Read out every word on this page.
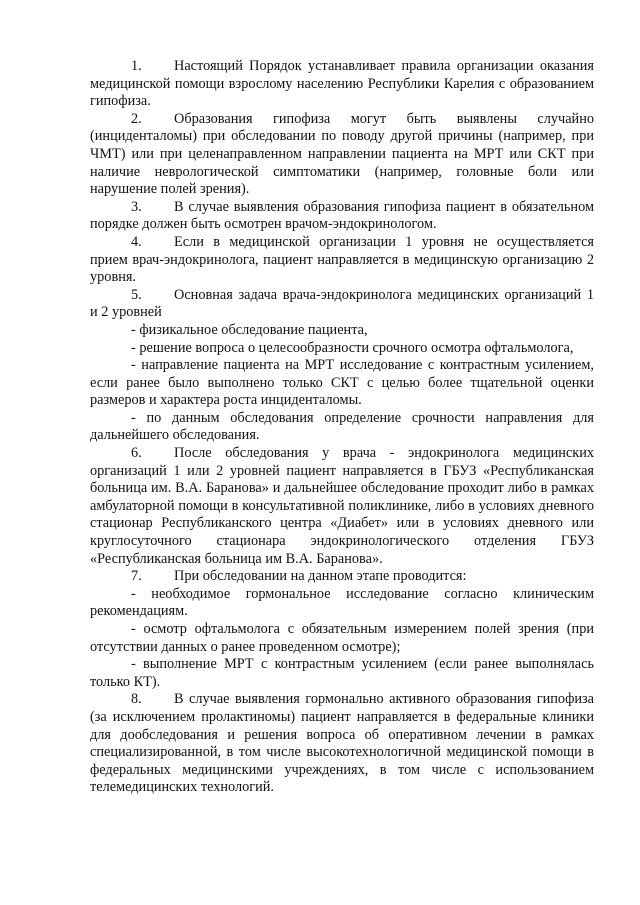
1. Настоящий Порядок устанавливает правила организации оказания медицинской помощи взрослому населению Республики Карелия с образованием гипофиза.

2. Образования гипофиза могут быть выявлены случайно (инциденталомы) при обследовании по поводу другой причины (например, при ЧМТ) или при целенаправленном направлении пациента на МРТ или СКТ при наличие неврологической симптоматики (например, головные боли или нарушение полей зрения).

3. В случае выявления образования гипофиза пациент в обязательном порядке должен быть осмотрен врачом-эндокринологом.

4. Если в медицинской организации 1 уровня не осуществляется прием врач-эндокринолога, пациент направляется в медицинскую организацию 2 уровня.

5. Основная задача врача-эндокринолога медицинских организаций 1 и 2 уровней

- физикальное обследование пациента,

- решение вопроса о целесообразности срочного осмотра офтальмолога,

- направление пациента на МРТ исследование с контрастным усилением, если ранее было выполнено только СКТ с целью более тщательной оценки размеров и характера роста инциденталомы.

- по данным обследования определение срочности направления для дальнейшего обследования.

6. После обследования у врача - эндокринолога медицинских организаций 1 или 2 уровней пациент направляется в ГБУЗ «Республиканская больница им. В.А. Баранова» и дальнейшее обследование проходит либо в рамках амбулаторной помощи в консультативной поликлинике, либо в условиях дневного стационар Республиканского центра «Диабет» или в условиях дневного или круглосуточного стационара эндокринологического отделения ГБУЗ «Республиканская больница им В.А. Баранова».

7. При обследовании на данном этапе проводится:

- необходимое гормональное исследование согласно клиническим рекомендациям.

- осмотр офтальмолога с обязательным измерением полей зрения (при отсутствии данных о ранее проведенном осмотре);

- выполнение МРТ с контрастным усилением (если ранее выполнялась только КТ).

8. В случае выявления гормонально активного образования гипофиза (за исключением пролактиномы) пациент направляется в федеральные клиники для дообследования и решения вопроса об оперативном лечении в рамках специализированной, в том числе высокотехнологичной медицинской помощи в федеральных медицинскими учреждениях, в том числе с использованием телемедицинских технологий.
